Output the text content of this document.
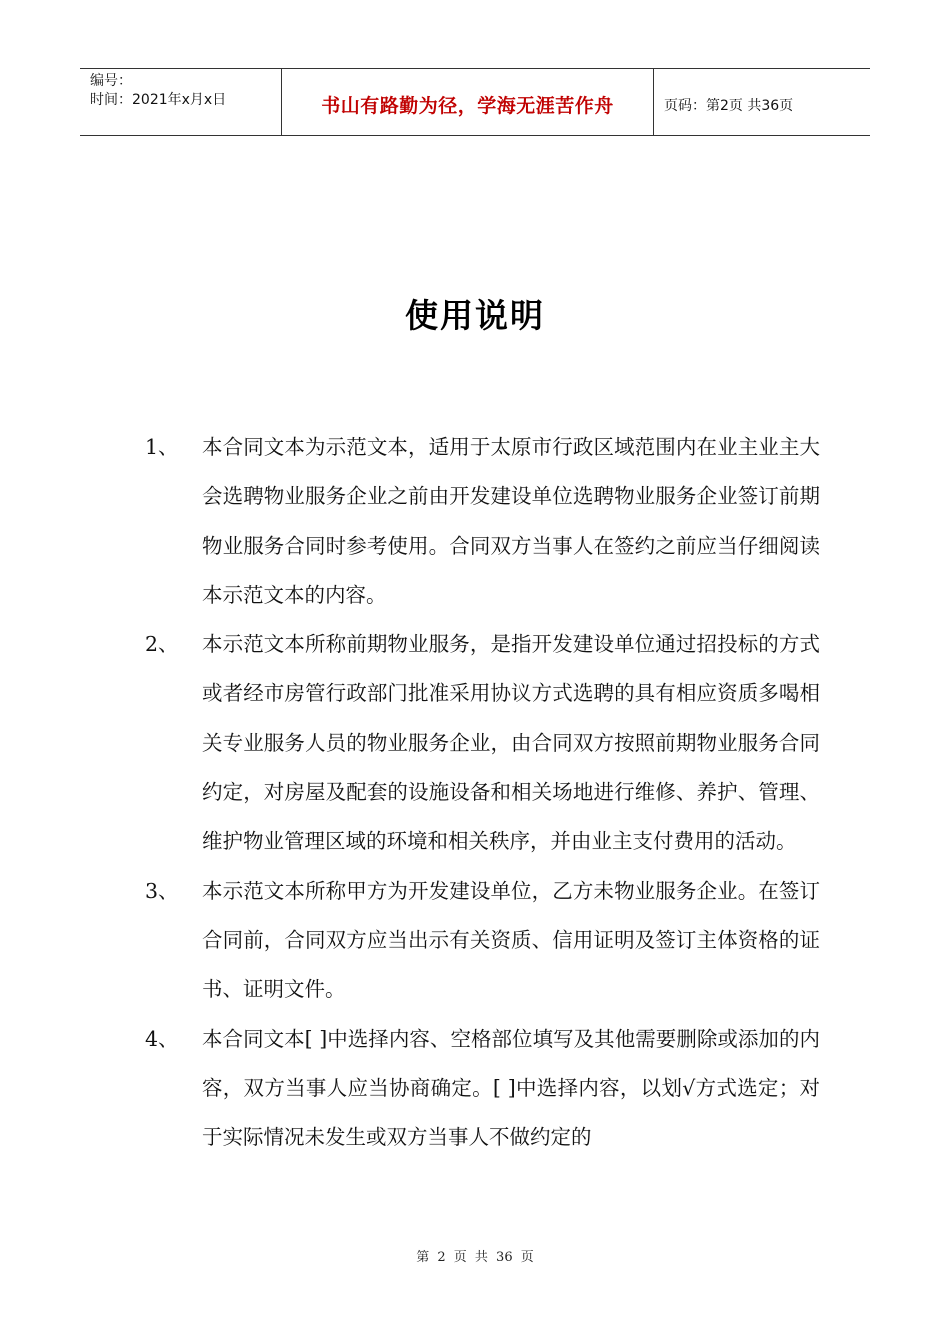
编号：
时间：2021年x月x日	书山有路勤为径，学海无涯苦作舟	页码：第2页 共36页
使用说明
1、 本合同文本为示范文本，适用于太原市行政区域范围内在业主业主大会选聘物业服务企业之前由开发建设单位选聘物业服务企业签订前期物业服务合同时参考使用。合同双方当事人在签约之前应当仔细阅读本示范文本的内容。
2、 本示范文本所称前期物业服务，是指开发建设单位通过招投标的方式或者经市房管行政部门批准采用协议方式选聘的具有相应资质多喝相关专业服务人员的物业服务企业，由合同双方按照前期物业服务合同约定，对房屋及配套的设施设备和相关场地进行维修、养护、管理、维护物业管理区域的环境和相关秩序，并由业主支付费用的活动。
3、 本示范文本所称甲方为开发建设单位，乙方未物业服务企业。在签订合同前，合同双方应当出示有关资质、信用证明及签订主体资格的证书、证明文件。
4、 本合同文本[ ]中选择内容、空格部位填写及其他需要删除或添加的内容，双方当事人应当协商确定。[ ]中选择内容，以划√方式选定；对于实际情况未发生或双方当事人不做约定的
第 2 页 共 36 页
